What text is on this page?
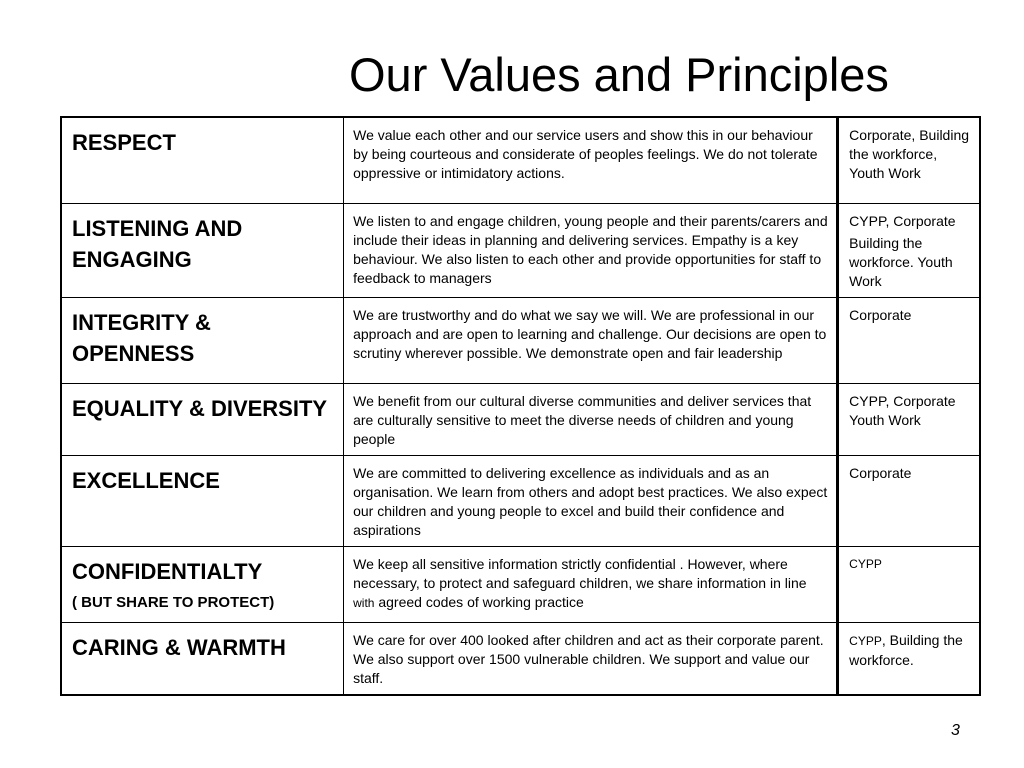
Our Values and Principles
RESPECT	We value each other and our service users and show this in our behaviour by being courteous and considerate of peoples feelings. We do not tolerate oppressive or intimidatory actions.	Corporate, Building the workforce, Youth Work

LISTENING AND ENGAGING	We listen to and engage children, young people and their parents/carers and include their ideas in planning and delivering services. Empathy is a key behaviour. We also listen to each other and provide opportunities for staff to feedback to managers	CYPP, Corporate
Building the workforce. Youth Work

INTEGRITY & OPENNESS	We are trustworthy and do what we say we will. We are professional in our approach and are open to learning and challenge. Our decisions are open to scrutiny wherever possible. We demonstrate open and fair leadership	Corporate

EQUALITY & DIVERSITY	We benefit from our cultural diverse communities and deliver services that are culturally sensitive to meet the diverse needs of children and young people	CYPP, Corporate Youth Work

EXCELLENCE	We are committed to delivering excellence as individuals and as an organisation. We learn from others and adopt best practices. We also expect our children and young people to excel and build their confidence and aspirations	Corporate

CONFIDENTIALTY
( BUT SHARE TO PROTECT)	We keep all sensitive information strictly confidential . However, where necessary, to protect and safeguard children, we share information in line with agreed codes of working practice	CYPP

CARING & WARMTH	We care for over 400 looked after children and act as their corporate parent. We also support over 1500 vulnerable children. We support and value our staff.	CYPP, Building the workforce.
3
